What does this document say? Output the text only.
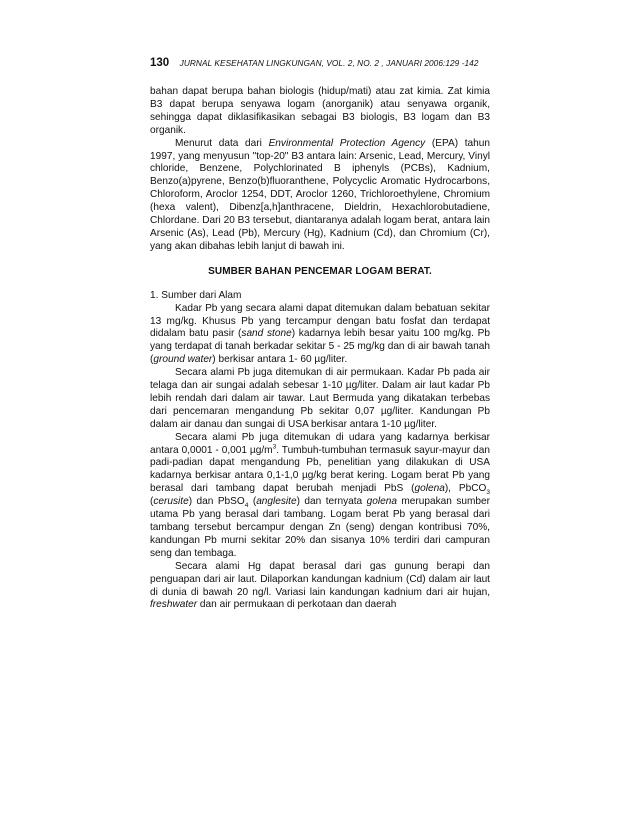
130 JURNAL KESEHATAN LINGKUNGAN, VOL. 2, NO. 2 , JANUARI 2006:129 -142

bahan dapat berupa bahan biologis (hidup/mati) atau zat kimia. Zat kimia B3 dapat berupa senyawa logam (anorganik) atau senyawa organik, sehingga dapat diklasifikasikan sebagai B3 biologis, B3 logam dan B3 organik.

Menurut data dari Environmental Protection Agency (EPA) tahun 1997, yang menyusun "top-20" B3 antara lain: Arsenic, Lead, Mercury, Vinyl chloride, Benzene, Polychlorinated B iphenyls (PCBs), Kadnium, Benzo(a)pyrene, Benzo(b)fluoranthene, Polycyclic Aromatic Hydrocarbons, Chloroform, Aroclor 1254, DDT, Aroclor 1260, Trichloroethylene, Chromium (hexa valent), Dibenz[a,h]anthracene, Dieldrin, Hexachlorobutadiene, Chlordane. Dari 20 B3 tersebut, diantaranya adalah logam berat, antara lain Arsenic (As), Lead (Pb), Mercury (Hg), Kadnium (Cd), dan Chromium (Cr), yang akan dibahas lebih lanjut di bawah ini.

SUMBER BAHAN PENCEMAR LOGAM BERAT.

1. Sumber dari Alam

Kadar Pb yang secara alami dapat ditemukan dalam bebatuan sekitar 13 mg/kg. Khusus Pb yang tercampur dengan batu fosfat dan terdapat didalam batu pasir (sand stone) kadarnya lebih besar yaitu 100 mg/kg. Pb yang terdapat di tanah berkadar sekitar 5 - 25 mg/kg dan di air bawah tanah (ground water) berkisar antara 1- 60 µg/liter.

Secara alami Pb juga ditemukan di air permukaan. Kadar Pb pada air telaga dan air sungai adalah sebesar 1-10 µg/liter. Dalam air laut kadar Pb lebih rendah dari dalam air tawar. Laut Bermuda yang dikatakan terbebas dari pencemaran mengandung Pb sekitar 0,07 µg/liter. Kandungan Pb dalam air danau dan sungai di USA berkisar antara 1-10 µg/liter.

Secara alami Pb juga ditemukan di udara yang kadarnya berkisar antara 0,0001 - 0,001 $\mu g/m^3$. Tumbuh-tumbuhan termasuk sayur-mayur dan padi-padian dapat mengandung Pb, penelitian yang dilakukan di USA kadarnya berkisar antara 0,1-1,0 µg/kg berat kering. Logam berat Pb yang berasal dari tambang dapat berubah menjadi PbS (golena), PbCO$_3$ (cerusite) dan PbSO$_4$ (anglesite) dan ternyata golena merupakan sumber utama Pb yang berasal dari tambang. Logam berat Pb yang berasal dari tambang tersebut bercampur dengan Zn (seng) dengan kontribusi 70%, kandungan Pb murni sekitar 20% dan sisanya 10% terdiri dari campuran seng dan tembaga.

Secara alami Hg dapat berasal dari gas gunung berapi dan penguapan dari air laut. Dilaporkan kandungan kadnium (Cd) dalam air laut di dunia di bawah 20 ng/l. Variasi lain kandungan kadnium dari air hujan, freshwater dan air permukaan di perkotaan dan daerah
